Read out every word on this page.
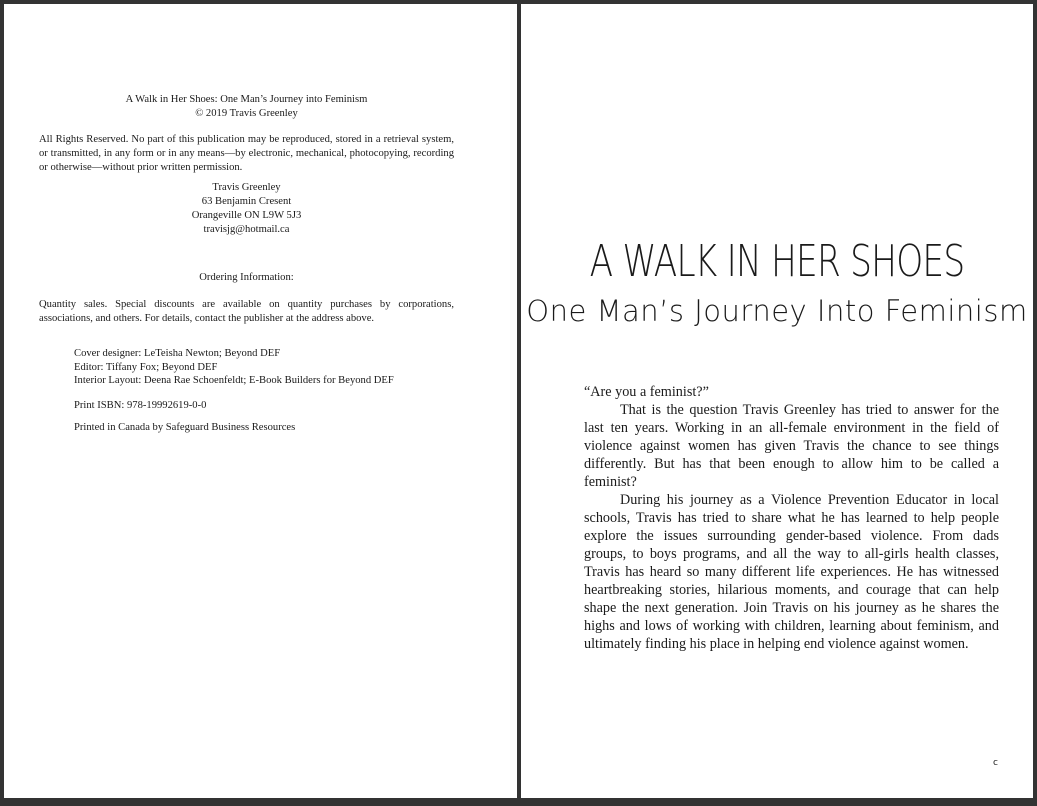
A Walk in Her Shoes: One Man’s Journey into Feminism
© 2019 Travis Greenley
All Rights Reserved. No part of this publication may be reproduced, stored in a retrieval system, or transmitted, in any form or in any means—by electronic, mechanical, photocopying, recording or otherwise—without prior written permission.
Travis Greenley
63 Benjamin Cresent
Orangeville ON L9W 5J3
travisjg@hotmail.ca
Ordering Information:
Quantity sales. Special discounts are available on quantity purchases by corporations, associations, and others. For details, contact the publisher at the address above.
Cover designer: LeTeisha Newton; Beyond DEF
Editor: Tiffany Fox; Beyond DEF
Interior Layout: Deena Rae Schoenfeldt; E-Book Builders for Beyond DEF
Print ISBN: 978-19992619-0-0
Printed in Canada by Safeguard Business Resources
A WALK IN HER SHOES
One Man’s Journey Into Feminism

“Are you a feminist?”

That is the question Travis Greenley has tried to answer for the last ten years. Working in an all-female environment in the field of violence against women has given Travis the chance to see things differently. But has that been enough to allow him to be called a feminist?

During his journey as a Violence Prevention Educator in local schools, Travis has tried to share what he has learned to help people explore the issues surrounding gender-based violence. From dads groups, to boys programs, and all the way to all-girls health classes, Travis has heard so many different life experiences. He has witnessed heartbreaking stories, hilarious moments, and courage that can help shape the next generation. Join Travis on his journey as he shares the highs and lows of working with children, learning about feminism, and ultimately finding his place in helping end violence against women.

c
